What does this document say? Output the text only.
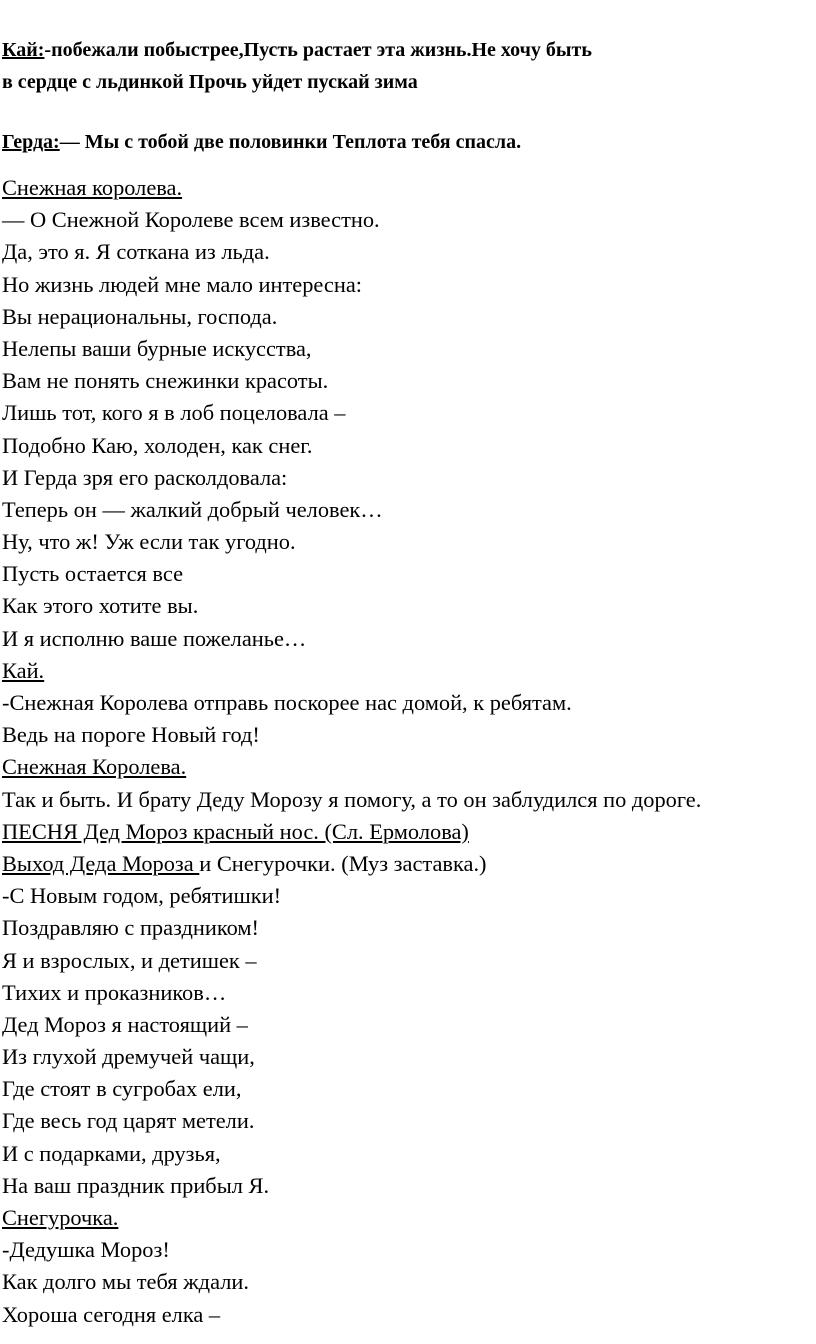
Кай:-побежали побыстрее,Пусть растает эта жизнь.Не хочу быть
в сердце с льдинкой Прочь уйдет пускай зима
Герда:— Мы с тобой две половинки Теплота тебя спасла.
Снежная королева.
— О Снежной Королеве всем известно.
Да, это я. Я соткана из льда.
Но жизнь людей мне мало интересна:
Вы нерациональны, господа.
Нелепы ваши бурные искусства,
Вам не понять снежинки красоты.
Лишь тот, кого я в лоб поцеловала –
Подобно Каю, холоден, как снег.
И Герда зря его расколдовала:
Теперь он — жалкий добрый человек…
Ну, что ж! Уж если так угодно.
Пусть остается все
Как этого хотите вы.
И я исполню ваше пожеланье…
Кай.
-Снежная Королева отправь поскорее нас домой, к ребятам.
Ведь на пороге Новый год!
Снежная Королева.
Так и быть. И брату Деду Морозу я помогу, а то он заблудился по дороге.
ПЕСНЯ Дед Мороз красный нос. (Сл. Ермолова)
Выход Деда Мороза и Снегурочки. (Муз заставка.)
-С Новым годом, ребятишки!
Поздравляю с праздником!
Я и взрослых, и детишек –
Тихих и проказников…
Дед Мороз я настоящий –
Из глухой дремучей чащи,
Где стоят в сугробах ели,
Где весь год царят метели.
И с подарками, друзья,
На ваш праздник прибыл Я.
Снегурочка.
-Дедушка Мороз!
Как долго мы тебя ждали.
Хороша сегодня елка –
